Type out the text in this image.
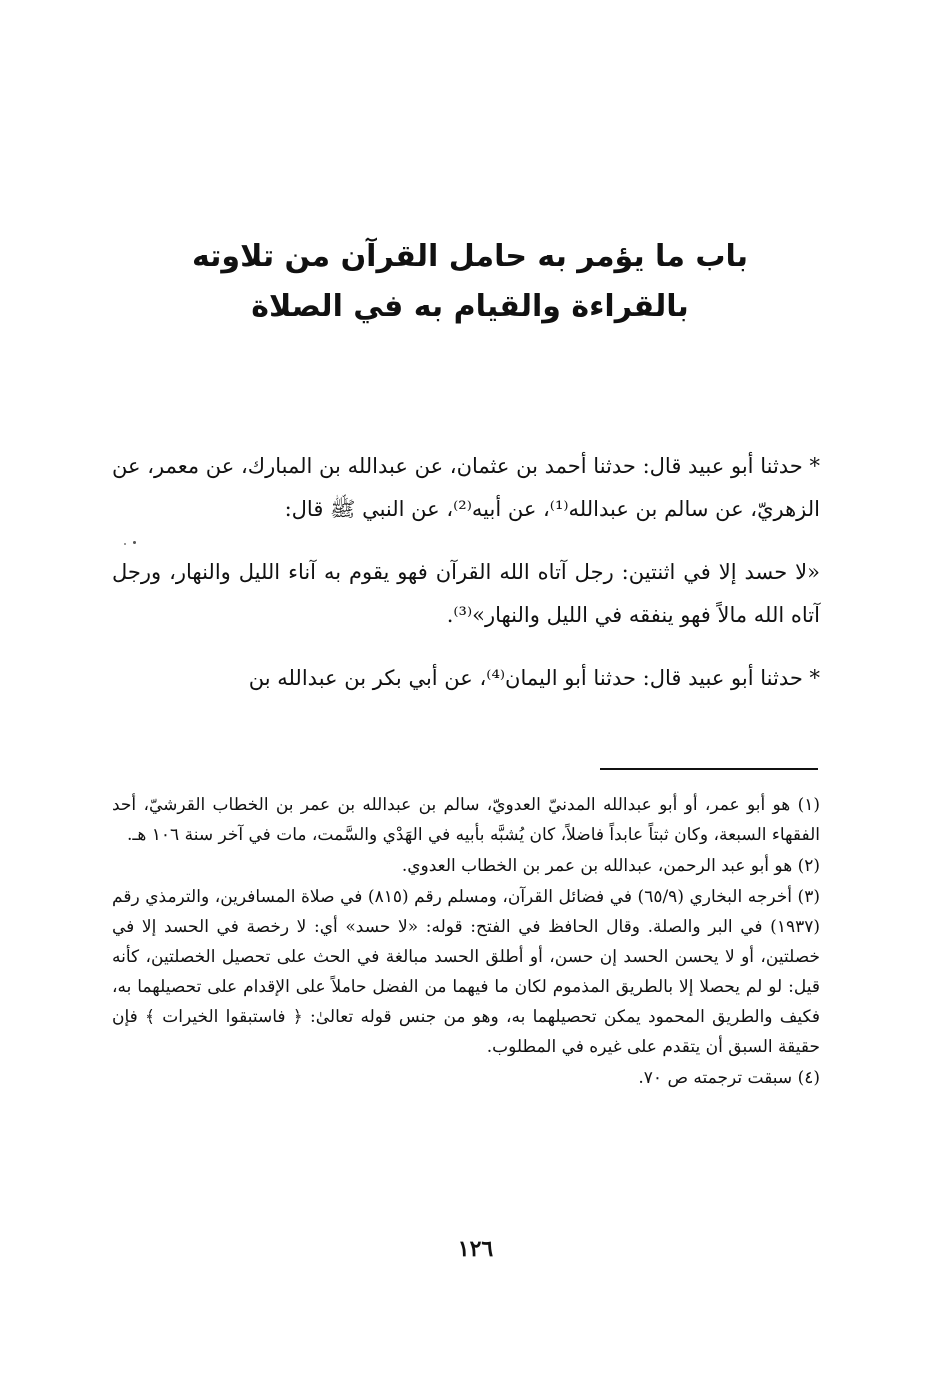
باب ما يؤمر به حامل القرآن من تلاوته
بالقراءة والقيام به في الصلاة

* حدثنا أبو عبيد قال: حدثنا أحمد بن عثمان، عن عبدالله بن المبارك، عن معمر، عن الزهريّ، عن سالم بن عبدالله⁽¹⁾، عن أبيه⁽²⁾، عن النبي ﷺ قال:

«لا حسد إلا في اثنتين: رجل آتاه الله القرآن فهو يقوم به آناء الليل والنهار، ورجل آتاه الله مالاً فهو ينفقه في الليل والنهار»⁽³⁾.

* حدثنا أبو عبيد قال: حدثنا أبو اليمان⁽⁴⁾، عن أبي بكر بن عبدالله بن

(١) هو أبو عمر، أو أبو عبدالله المدنيّ العدويّ، سالم بن عبدالله بن عمر بن الخطاب القرشيّ، أحد الفقهاء السبعة، وكان ثبتاً عابداً فاضلاً، كان يُشبَّه بأبيه في الهَدْي والسَّمت، مات في آخر سنة ١٠٦ هـ.

(٢) هو أبو عبد الرحمن، عبدالله بن عمر بن الخطاب العدوي.

(٣) أخرجه البخاري (٦٥/٩) في فضائل القرآن، ومسلم رقم (٨١٥) في صلاة المسافرين، والترمذي رقم (١٩٣٧) في البر والصلة. وقال الحافظ في الفتح: قوله: «لا حسد» أي: لا رخصة في الحسد إلا في خصلتين، أو لا يحسن الحسد إن حسن، أو أطلق الحسد مبالغة في الحث على تحصيل الخصلتين، كأنه قيل: لو لم يحصلا إلا بالطريق المذموم لكان ما فيهما من الفضل حاملاً على الإقدام على تحصيلهما به، فكيف والطريق المحمود يمكن تحصيلهما به، وهو من جنس قوله تعالىٰ: ﴿ فاستبقوا الخيرات ﴾ فإن حقيقة السبق أن يتقدم على غيره في المطلوب.

(٤) سبقت ترجمته ص ٧٠.

١٢٦
